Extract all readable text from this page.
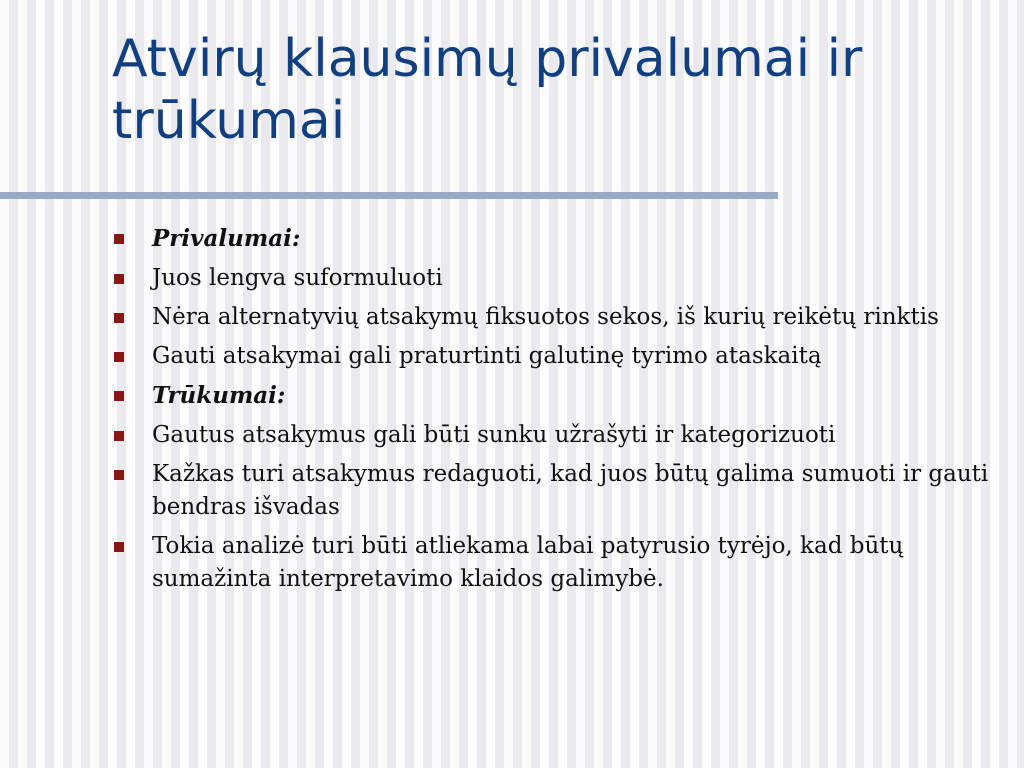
Atvirų klausimų privalumai ir trūkumai
Privalumai:
Juos lengva suformuluoti
Nėra alternatyvių atsakymų fiksuotos sekos, iš kurių reikėtų rinktis
Gauti atsakymai gali praturtinti galutinę tyrimo ataskaitą
Trūkumai:
Gautus atsakymus gali būti sunku užrašyti ir kategorizuoti
Kažkas turi atsakymus redaguoti, kad juos būtų galima sumuoti ir gauti bendras išvadas
Tokia analizė turi būti atliekama labai patyrusio tyrėjo, kad būtų sumažinta interpretavimo klaidos galimybė.
